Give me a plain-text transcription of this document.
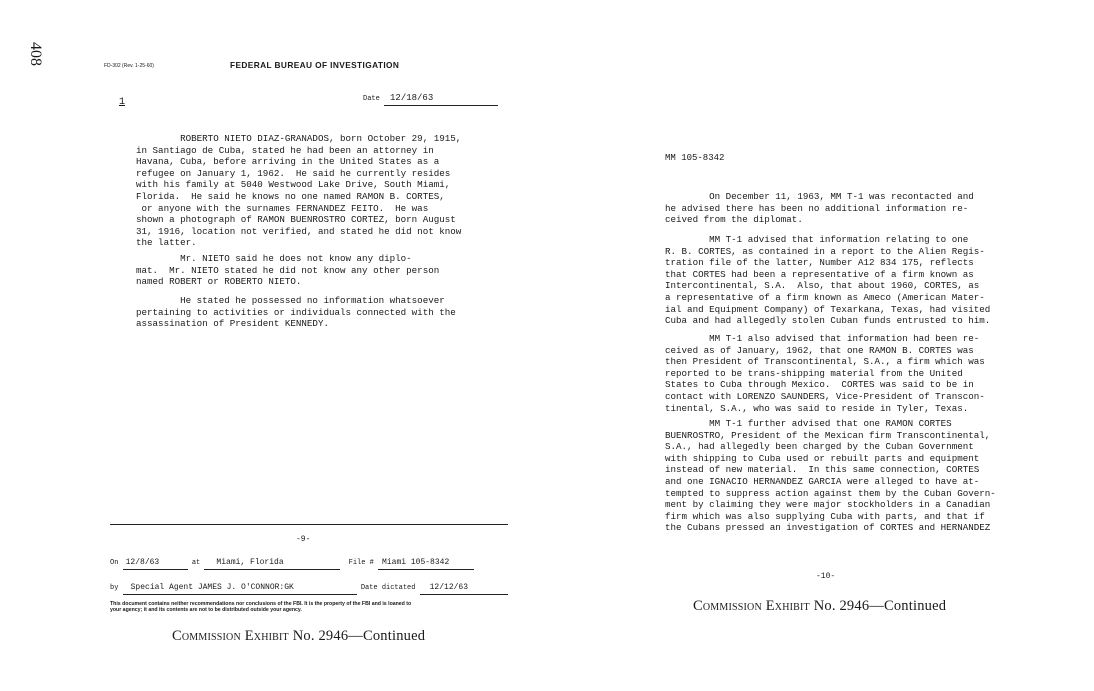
408	FD-302 (Rev. 1-25-60)	FEDERAL BUREAU OF INVESTIGATION
Date 12/18/63
1
ROBERTO NIETO DIAZ-GRANADOS, born October 29, 1915,
in Santiago de Cuba, stated he had been an attorney in
Havana, Cuba, before arriving in the United States as a
refugee on January 1, 1962.  He said he currently resides
with his family at 5040 Westwood Lake Drive, South Miami,
Florida.  He said he knows no one named RAMON B. CORTES,
or anyone with the surnames FERNANDEZ FEITO.  He was
shown a photograph of RAMON BUENROSTRO CORTEZ, born August
31, 1916, location not verified, and stated he did not know
the latter.
Mr. NIETO said he does not know any diplo-
mat.  Mr. NIETO stated he did not know any other person
named ROBERT or ROBERTO NIETO.
He stated he possessed no information whatsoever
pertaining to activities or individuals connected with the
assassination of President KENNEDY.
-9-
On 12/8/63	at Miami, Florida	File # Miami 105-8342
by Special Agent JAMES J. O'CONNOR:GK	Date dictated 12/12/63
This document contains neither recommendations nor conclusions of the FBI. It is the property of the FBI and is loaned to
your agency; it and its contents are not to be distributed outside your agency.
Commission Exhibit No. 2946—Continued
MM 105-8342
On December 11, 1963, MM T-1 was recontacted and
he advised there has been no additional information re-
ceived from the diplomat.
MM T-1 advised that information relating to one
R. B. CORTES, as contained in a report to the Alien Regis-
tration file of the latter, Number A12 834 175, reflects
that CORTES had been a representative of a firm known as
Intercontinental, S.A.  Also, that about 1960, CORTES, as
a representative of a firm known as Ameco (American Mater-
ial and Equipment Company) of Texarkana, Texas, had visited
Cuba and had allegedly stolen Cuban funds entrusted to him.
MM T-1 also advised that information had been re-
ceived as of January, 1962, that one RAMON B. CORTES was
then President of Transcontinental, S.A., a firm which was
reported to be trans-shipping material from the United
States to Cuba through Mexico.  CORTES was said to be in
contact with LORENZO SAUNDERS, Vice-President of Transcon-
tinental, S.A., who was said to reside in Tyler, Texas.
MM T-1 further advised that one RAMON CORTES
BUENROSTRO, President of the Mexican firm Transcontinental,
S.A., had allegedly been charged by the Cuban Government
with shipping to Cuba used or rebuilt parts and equipment
instead of new material.  In this same connection, CORTES
and one IGNACIO HERNANDEZ GARCIA were alleged to have at-
tempted to suppress action against them by the Cuban Govern-
ment by claiming they were major stockholders in a Canadian
firm which was also supplying Cuba with parts, and that if
the Cubans pressed an investigation of CORTES and HERNANDEZ
-10-
Commission Exhibit No. 2946—Continued
